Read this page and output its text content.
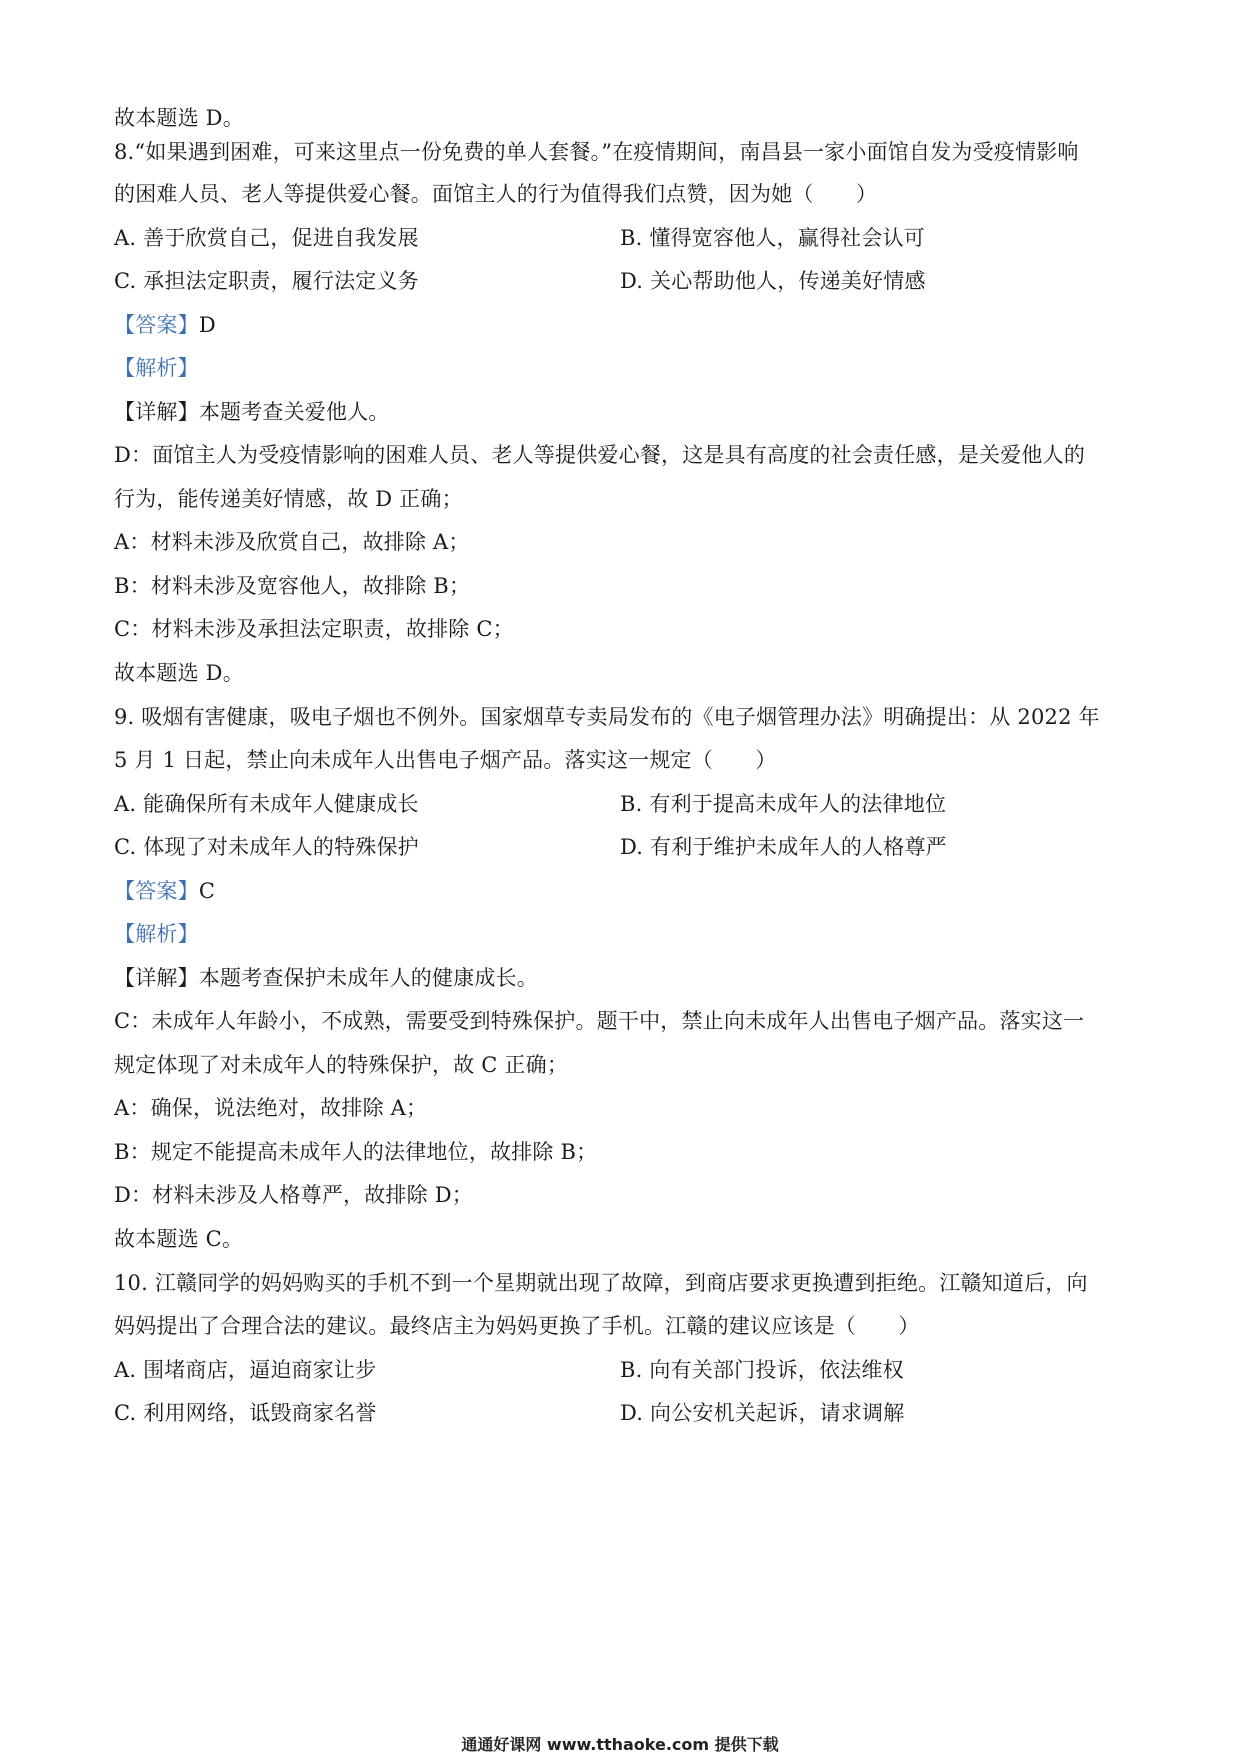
故本题选 D。
8.“如果遇到困难，可来这里点一份免费的单人套餐。”在疫情期间，南昌县一家小面馆自发为受疫情影响
的困难人员、老人等提供爱心餐。面馆主人的行为值得我们点赞，因为她（　　）
A. 善于欣赏自己，促进自我发展	B. 懂得宽容他人，赢得社会认可
C. 承担法定职责，履行法定义务	D. 关心帮助他人，传递美好情感
【答案】D
【解析】
【详解】本题考查关爱他人。
D：面馆主人为受疫情影响的困难人员、老人等提供爱心餐，这是具有高度的社会责任感，是关爱他人的
行为，能传递美好情感，故 D 正确；
A：材料未涉及欣赏自己，故排除 A；
B：材料未涉及宽容他人，故排除 B；
C：材料未涉及承担法定职责，故排除 C；
故本题选 D。
9. 吸烟有害健康，吸电子烟也不例外。国家烟草专卖局发布的《电子烟管理办法》明确提出：从 2022 年
5 月 1 日起，禁止向未成年人出售电子烟产品。落实这一规定（　　）
A. 能确保所有未成年人健康成长	B. 有利于提高未成年人的法律地位
C. 体现了对未成年人的特殊保护	D. 有利于维护未成年人的人格尊严
【答案】C
【解析】
【详解】本题考查保护未成年人的健康成长。
C：未成年人年龄小，不成熟，需要受到特殊保护。题干中，禁止向未成年人出售电子烟产品。落实这一
规定体现了对未成年人的特殊保护，故 C 正确；
A：确保，说法绝对，故排除 A；
B：规定不能提高未成年人的法律地位，故排除 B；
D：材料未涉及人格尊严，故排除 D；
故本题选 C。
10. 江赣同学的妈妈购买的手机不到一个星期就出现了故障，到商店要求更换遭到拒绝。江赣知道后，向
妈妈提出了合理合法的建议。最终店主为妈妈更换了手机。江赣的建议应该是（　　）
A. 围堵商店，逼迫商家让步	B. 向有关部门投诉，依法维权
C. 利用网络，诋毁商家名誉	D. 向公安机关起诉，请求调解
通通好课网 www.tthaoke.com 提供下载
